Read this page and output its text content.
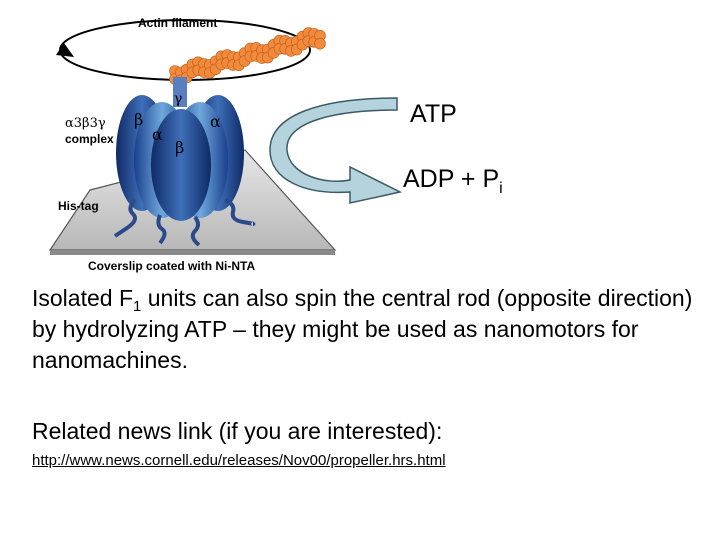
Actin filament
γ
β
α
α
β
α3β3γ
complex
His-tag
Coverslip coated with Ni-NTA
ATP
ADP + $P_i$
Isolated $F_1$ units can also spin the central rod (opposite direction) by hydrolyzing ATP – they might be used as nanomotors for nanomachines.
Related news link (if you are interested):
http://www.news.cornell.edu/releases/Nov00/propeller.hrs.html
